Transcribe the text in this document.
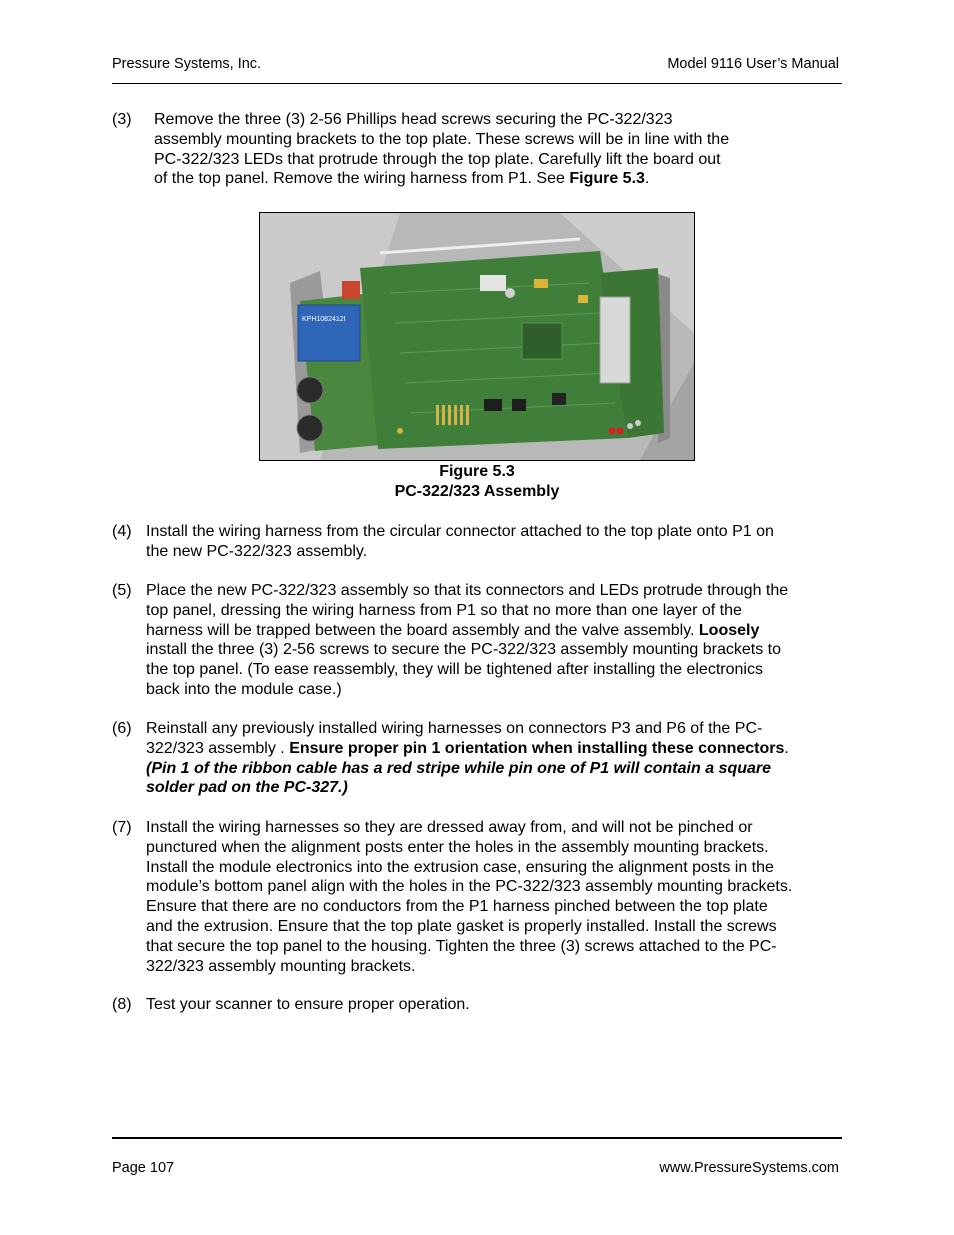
Pressure Systems, Inc.	Model 9116 User’s Manual
(3) Remove the three (3) 2-56 Phillips head screws securing the PC-322/323

assembly mounting brackets to the top plate. These screws will be in line with the

PC-322/323 LEDs that protrude through the top plate. Carefully lift the board out

of the top panel. Remove the wiring harness from P1. See Figure 5.3.

KPH1082412I
Figure 5.3
PC-322/323 Assembly
(4) Install the wiring harness from the circular connector attached to the top plate onto P1 on

the new PC-322/323 assembly.

(5) Place the new PC-322/323 assembly so that its connectors and LEDs protrude through the

top panel, dressing the wiring harness from P1 so that no more than one layer of the

harness will be trapped between the board assembly and the valve assembly. Loosely

install the three (3) 2-56 screws to secure the PC-322/323 assembly mounting brackets to

the top panel. (To ease reassembly, they will be tightened after installing the electronics

back into the module case.)

(6) Reinstall any previously installed wiring harnesses on connectors P3 and P6 of the PC-

322/323 assembly . Ensure proper pin 1 orientation when installing these connectors.

(Pin 1 of the ribbon cable has a red stripe while pin one of P1 will contain a square

solder pad on the PC-327.)

(7) Install the wiring harnesses so they are dressed away from, and will not be pinched or

punctured when the alignment posts enter the holes in the assembly mounting brackets.

Install the module electronics into the extrusion case, ensuring the alignment posts in the

module’s bottom panel align with the holes in the PC-322/323 assembly mounting brackets.

Ensure that there are no conductors from the P1 harness pinched between the top plate

and the extrusion. Ensure that the top plate gasket is properly installed. Install the screws

that secure the top panel to the housing. Tighten the three (3) screws attached to the PC-

322/323 assembly mounting brackets.

(8) Test your scanner to ensure proper operation.

Page 107	www.PressureSystems.com
